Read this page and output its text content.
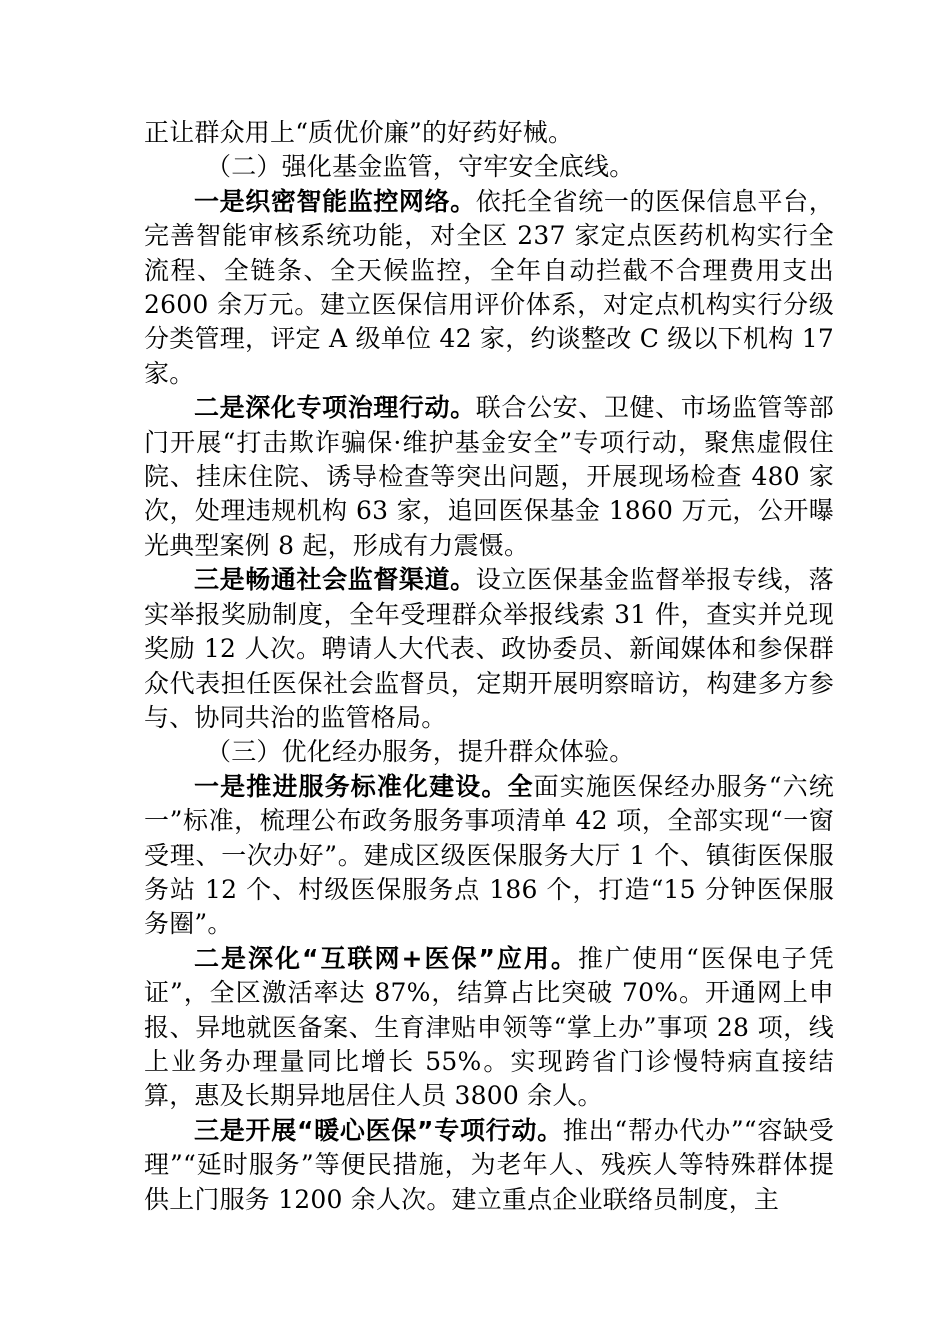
正让群众用上“质优价廉”的好药好械。

（二）强化基金监管，守牢安全底线。

一是织密智能监控网络。依托全省统一的医保信息平台，完善智能审核系统功能，对全区 237 家定点医药机构实行全流程、全链条、全天候监控，全年自动拦截不合理费用支出 2600 余万元。建立医保信用评价体系，对定点机构实行分级分类管理，评定 A 级单位 42 家，约谈整改 C 级以下机构 17 家。

二是深化专项治理行动。联合公安、卫健、市场监管等部门开展“打击欺诈骗保·维护基金安全”专项行动，聚焦虚假住院、挂床住院、诱导检查等突出问题，开展现场检查 480 家次，处理违规机构 63 家，追回医保基金 1860 万元，公开曝光典型案例 8 起，形成有力震慑。

三是畅通社会监督渠道。设立医保基金监督举报专线，落实举报奖励制度，全年受理群众举报线索 31 件，查实并兑现奖励 12 人次。聘请人大代表、政协委员、新闻媒体和参保群众代表担任医保社会监督员，定期开展明察暗访，构建多方参与、协同共治的监管格局。

（三）优化经办服务，提升群众体验。

一是推进服务标准化建设。全面实施医保经办服务“六统一”标准，梳理公布政务服务事项清单 42 项，全部实现“一窗受理、一次办好”。建成区级医保服务大厅 1 个、镇街医保服务站 12 个、村级医保服务点 186 个，打造“15 分钟医保服务圈”。

二是深化“互联网+医保”应用。推广使用“医保电子凭证”，全区激活率达 87%，结算占比突破 70%。开通网上申报、异地就医备案、生育津贴申领等“掌上办”事项 28 项，线上业务办理量同比增长 55%。实现跨省门诊慢特病直接结算，惠及长期异地居住人员 3800 余人。

三是开展“暖心医保”专项行动。推出“帮办代办”“容缺受理”“延时服务”等便民措施，为老年人、残疾人等特殊群体提供上门服务 1200 余人次。建立重点企业联络员制度，主
